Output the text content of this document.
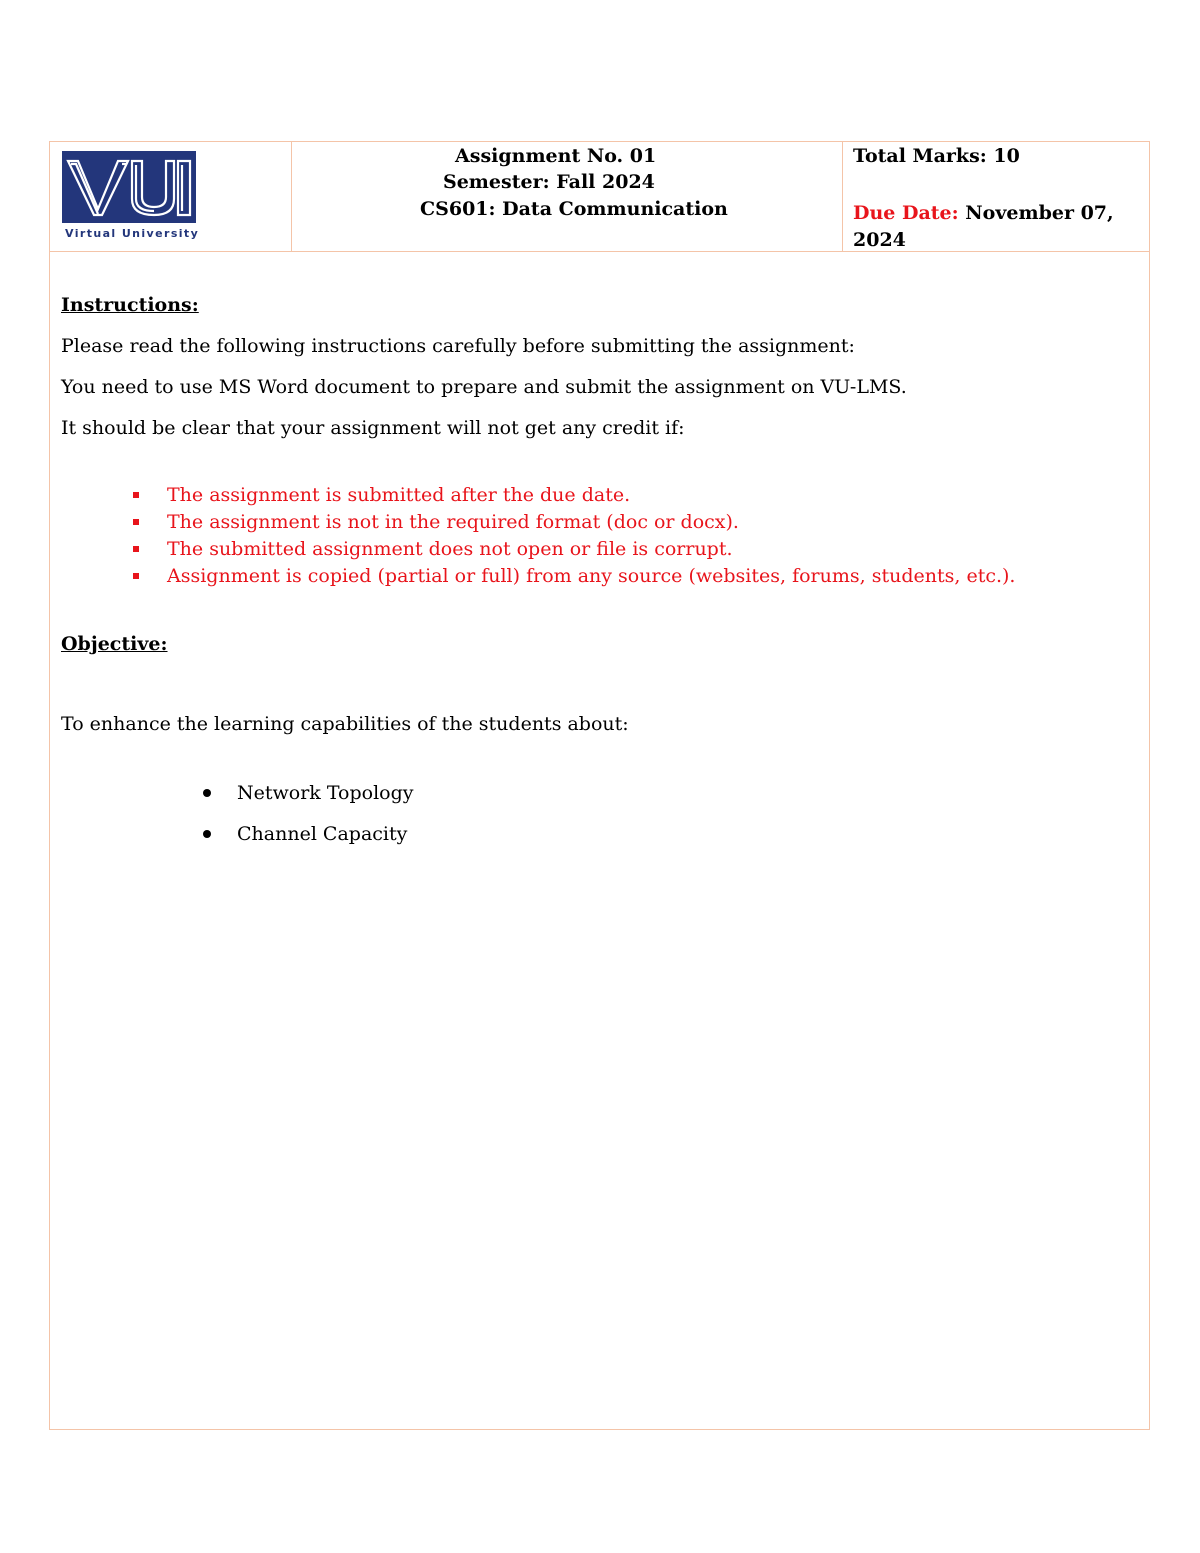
Virtual University
Assignment No. 01
Semester: Fall 2024
CS601: Data Communication
Total Marks: 10
Due Date: November 07, 2024
Instructions:
Please read the following instructions carefully before submitting the assignment:
You need to use MS Word document to prepare and submit the assignment on VU-LMS.
It should be clear that your assignment will not get any credit if:
The assignment is submitted after the due date.
The assignment is not in the required format (doc or docx).
The submitted assignment does not open or file is corrupt.
Assignment is copied (partial or full) from any source (websites, forums, students, etc.).
Objective:
To enhance the learning capabilities of the students about:
Network Topology
Channel Capacity
